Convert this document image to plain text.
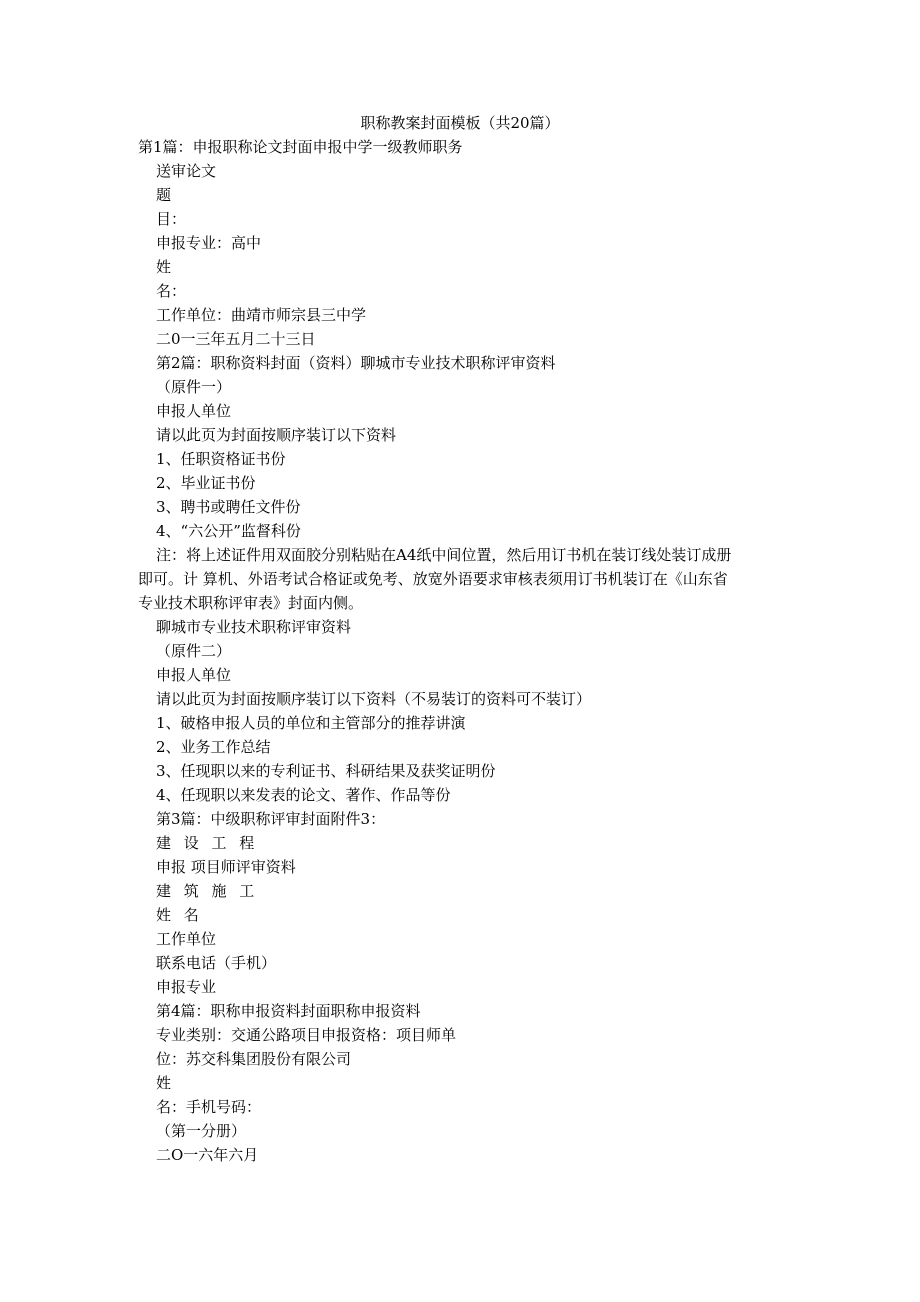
职称教案封面模板（共20篇）
第1篇：申报职称论文封面申报中学一级教师职务
送审论文
题
目：
申报专业：高中
姓
名：
工作单位：曲靖市师宗县三中学
二0一三年五月二十三日
第2篇：职称资料封面（资料）聊城市专业技术职称评审资料
（原件一）
申报人单位
请以此页为封面按顺序装订以下资料
1、任职资格证书份
2、毕业证书份
3、聘书或聘任文件份
4、“六公开”监督科份
注：将上述证件用双面胶分别粘贴在A4纸中间位置，然后用订书机在装订线处装订成册
即可。计 算机、外语考试合格证或免考、放宽外语要求审核表须用订书机装订在《山东省
专业技术职称评审表》封面内侧。
聊城市专业技术职称评审资料
（原件二）
申报人单位
请以此页为封面按顺序装订以下资料（不易装订的资料可不装订）
1、破格申报人员的单位和主管部分的推荐讲演
2、业务工作总结
3、任现职以来的专利证书、科研结果及获奖证明份
4、任现职以来发表的论文、著作、作品等份
第3篇：中级职称评审封面附件3：
建 设 工 程
申报 项目师评审资料
建 筑 施 工
姓 名
工作单位
联系电话（手机）
申报专业
第4篇：职称申报资料封面职称申报资料
专业类别：交通公路项目申报资格：项目师单
位：苏交科集团股份有限公司
姓
名：手机号码：
（第一分册）
二O一六年六月
